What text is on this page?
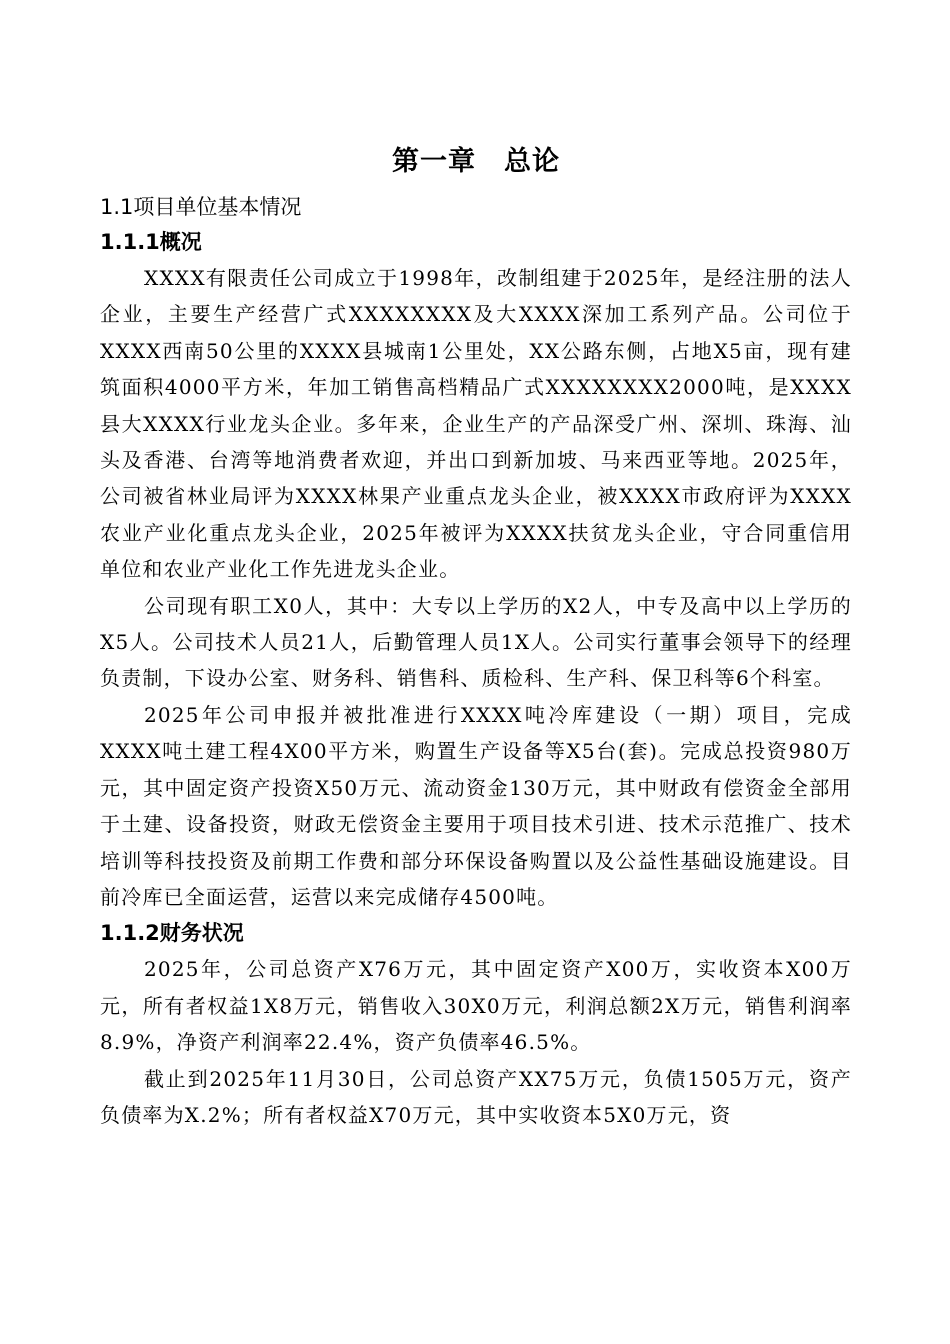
第一章　总论
1.1项目单位基本情况
1.1.1概况

XXXX有限责任公司成立于1998年，改制组建于2025年，是经注册的法人企业，主要生产经营广式XXXXXXXX及大XXXX深加工系列产品。公司位于XXXX西南50公里的XXXX县城南1公里处，XX公路东侧，占地X5亩，现有建筑面积4000平方米，年加工销售高档精品广式XXXXXXXX2000吨，是XXXX县大XXXX行业龙头企业。多年来，企业生产的产品深受广州、深圳、珠海、汕头及香港、台湾等地消费者欢迎，并出口到新加坡、马来西亚等地。2025年，公司被省林业局评为XXXX林果产业重点龙头企业，被XXXX市政府评为XXXX农业产业化重点龙头企业，2025年被评为XXXX扶贫龙头企业，守合同重信用单位和农业产业化工作先进龙头企业。

公司现有职工X0人，其中：大专以上学历的X2人，中专及高中以上学历的X5人。公司技术人员21人，后勤管理人员1X人。公司实行董事会领导下的经理负责制，下设办公室、财务科、销售科、质检科、生产科、保卫科等6个科室。

2025年公司申报并被批准进行XXXX吨冷库建设（一期）项目，完成XXXX吨土建工程4X00平方米，购置生产设备等X5台(套)。完成总投资980万元，其中固定资产投资X50万元、流动资金130万元，其中财政有偿资金全部用于土建、设备投资，财政无偿资金主要用于项目技术引进、技术示范推广、技术培训等科技投资及前期工作费和部分环保设备购置以及公益性基础设施建设。目前冷库已全面运营，运营以来完成储存4500吨。

1.1.2财务状况

2025年，公司总资产X76万元，其中固定资产X00万，实收资本X00万元，所有者权益1X8万元，销售收入30X0万元，利润总额2X万元，销售利润率8.9%，净资产利润率22.4%，资产负债率46.5%。

截止到2025年11月30日，公司总资产XX75万元，负债1505万元，资产负债率为X.2%；所有者权益X70万元，其中实收资本5X0万元，资
